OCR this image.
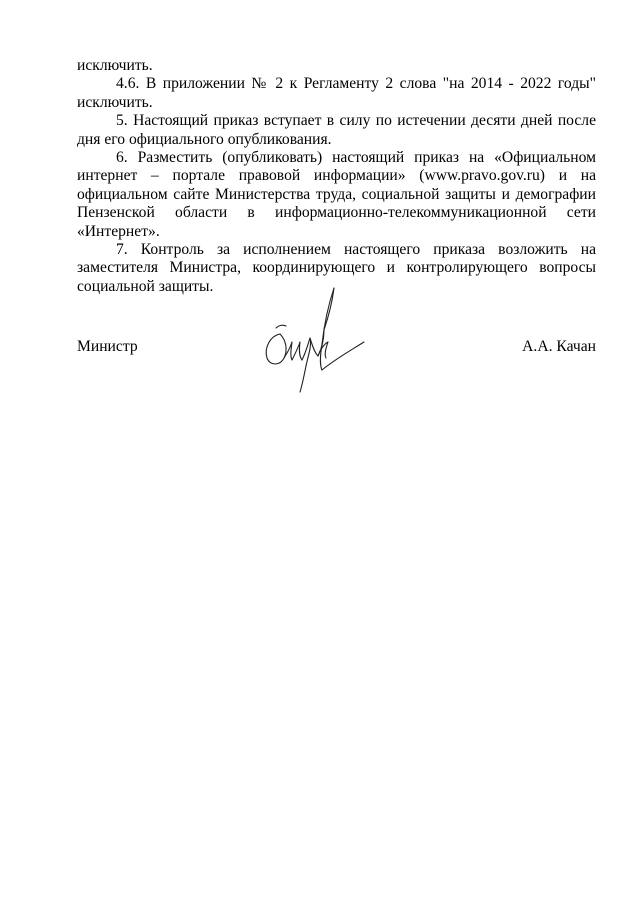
исключить.

4.6. В приложении № 2 к Регламенту 2 слова "на 2014 - 2022 годы" исключить.

5. Настоящий приказ вступает в силу по истечении десяти дней после дня его официального опубликования.

6. Разместить (опубликовать) настоящий приказ на «Официальном интернет – портале правовой информации» (www.pravo.gov.ru) и на официальном сайте Министерства труда, социальной защиты и демографии Пензенской области в информационно-телекоммуникационной сети «Интернет».

7. Контроль за исполнением настоящего приказа возложить на заместителя Министра, координирующего и контролирующего вопросы социальной защиты.

Министр	А.А. Качан
